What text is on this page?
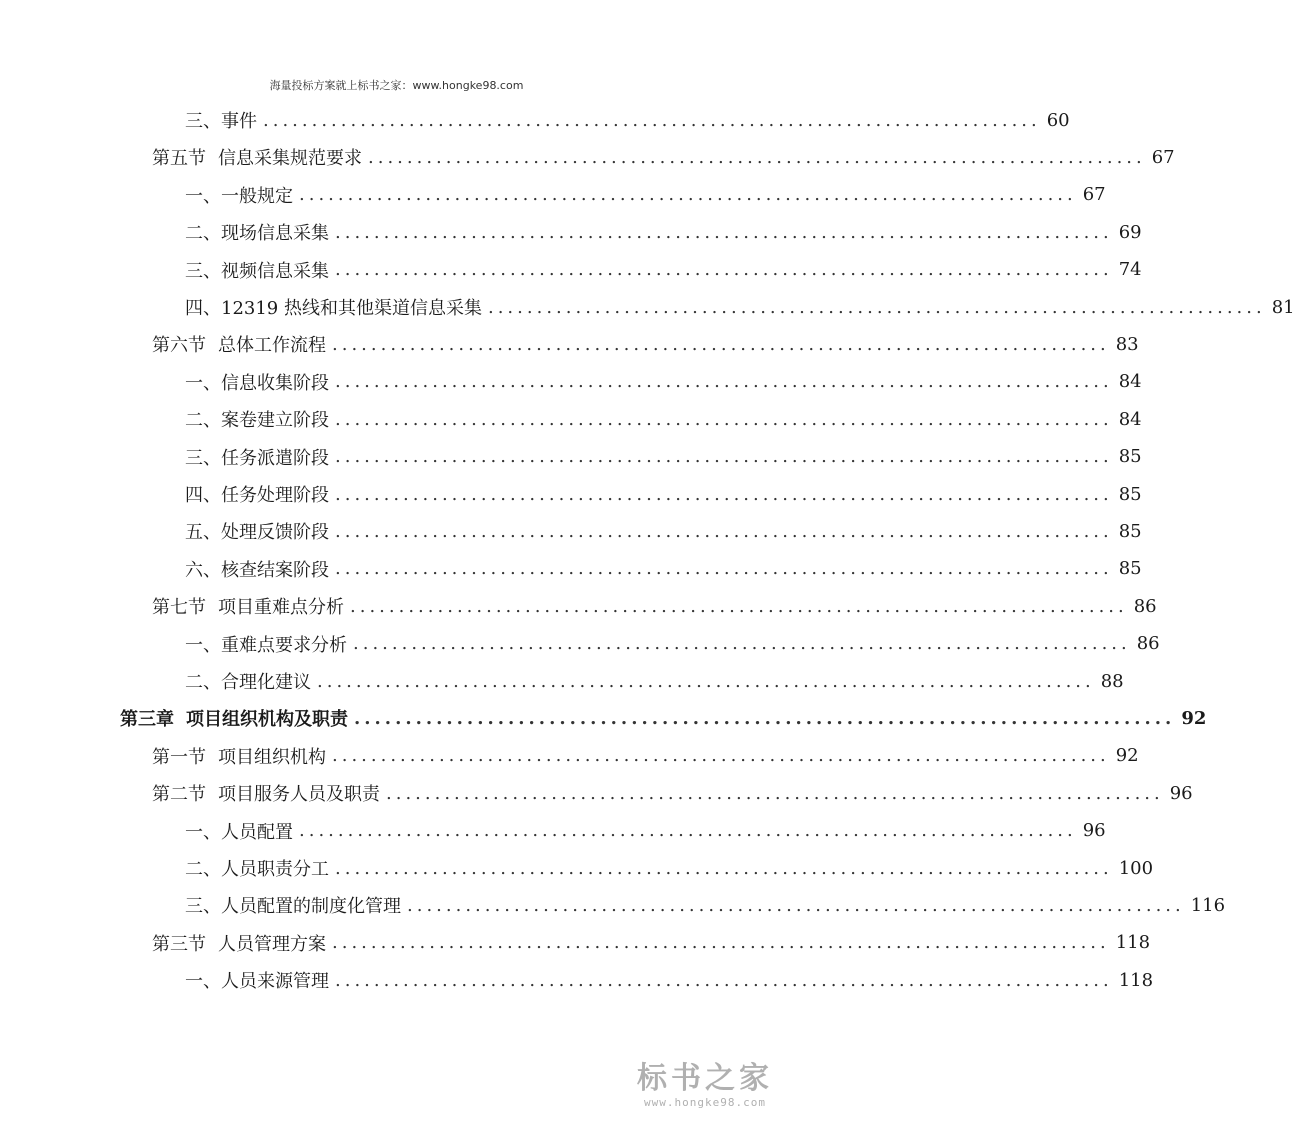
海量投标方案就上标书之家：www.hongke98.com
三、事件 ................................................................................ 60
第五节 信息采集规范要求 ................................................................................ 67
一、一般规定 ................................................................................ 67
二、现场信息采集 ................................................................................ 69
三、视频信息采集 ................................................................................ 74
四、12319 热线和其他渠道信息采集 ................................................................................ 81
第六节 总体工作流程 ................................................................................ 83
一、信息收集阶段 ................................................................................ 84
二、案卷建立阶段 ................................................................................ 84
三、任务派遣阶段 ................................................................................ 85
四、任务处理阶段 ................................................................................ 85
五、处理反馈阶段 ................................................................................ 85
六、核查结案阶段 ................................................................................ 85
第七节 项目重难点分析 ................................................................................ 86
一、重难点要求分析 ................................................................................ 86
二、合理化建议 ................................................................................ 88
第三章 项目组织机构及职责 ................................................................................ 92
第一节 项目组织机构 ................................................................................ 92
第二节 项目服务人员及职责 ................................................................................ 96
一、人员配置 ................................................................................ 96
二、人员职责分工 ................................................................................ 100
三、人员配置的制度化管理 ................................................................................ 116
第三节 人员管理方案 ................................................................................ 118
一、人员来源管理 ................................................................................ 118
标书之家
www.hongke98.com
